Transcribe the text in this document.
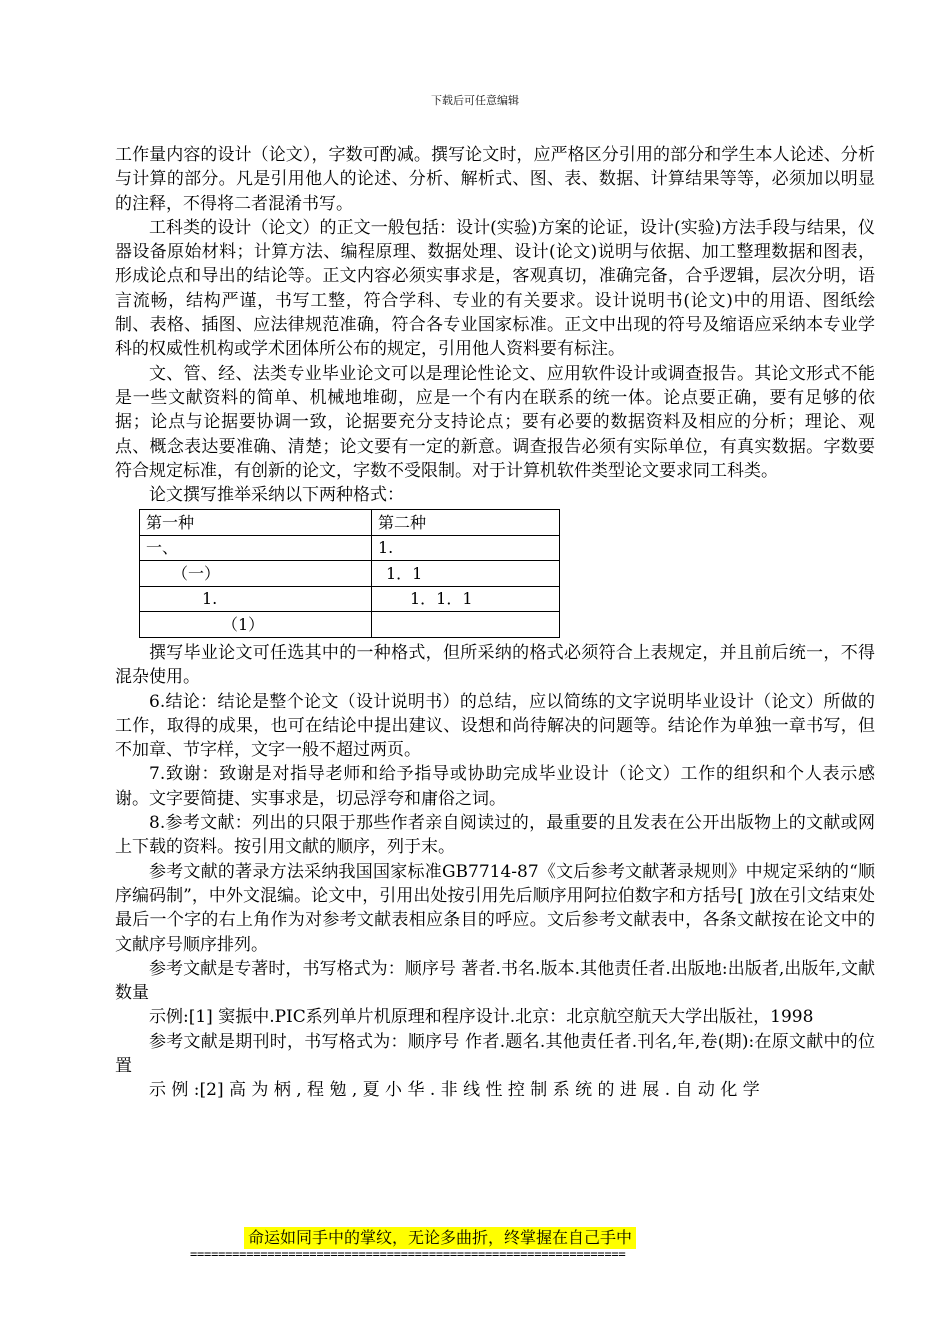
下载后可任意编辑

工作量内容的设计（论文），字数可酌减。撰写论文时，应严格区分引用的部分和学生本人论述、分析与计算的部分。凡是引用他人的论述、分析、解析式、图、表、数据、计算结果等等，必须加以明显的注释，不得将二者混淆书写。

工科类的设计（论文）的正文一般包括：设计(实验)方案的论证，设计(实验)方法手段与结果，仪器设备原始材料；计算方法、编程原理、数据处理、设计(论文)说明与依据、加工整理数据和图表，形成论点和导出的结论等。正文内容必须实事求是，客观真切，准确完备，合乎逻辑，层次分明，语言流畅，结构严谨，书写工整，符合学科、专业的有关要求。设计说明书(论文)中的用语、图纸绘制、表格、插图、应法律规范准确，符合各专业国家标准。正文中出现的符号及缩语应采纳本专业学科的权威性机构或学术团体所公布的规定，引用他人资料要有标注。

文、管、经、法类专业毕业论文可以是理论性论文、应用软件设计或调查报告。其论文形式不能是一些文献资料的简单、机械地堆砌，应是一个有内在联系的统一体。论点要正确，要有足够的依据；论点与论据要协调一致，论据要充分支持论点；要有必要的数据资料及相应的分析；理论、观点、概念表达要准确、清楚；论文要有一定的新意。调查报告必须有实际单位，有真实数据。字数要符合规定标准，有创新的论文，字数不受限制。对于计算机软件类型论文要求同工科类。

论文撰写推举采纳以下两种格式：

第一种	第二种
一、	1.
（一）	1．1
1.	1．1．1
（1）	

撰写毕业论文可任选其中的一种格式，但所采纳的格式必须符合上表规定，并且前后统一，不得混杂使用。

6.结论：结论是整个论文（设计说明书）的总结，应以简练的文字说明毕业设计（论文）所做的工作，取得的成果，也可在结论中提出建议、设想和尚待解决的问题等。结论作为单独一章书写，但不加章、节字样，文字一般不超过两页。

7.致谢：致谢是对指导老师和给予指导或协助完成毕业设计（论文）工作的组织和个人表示感谢。文字要简捷、实事求是，切忌浮夸和庸俗之词。

8.参考文献：列出的只限于那些作者亲自阅读过的，最重要的且发表在公开出版物上的文献或网上下载的资料。按引用文献的顺序，列于末。

参考文献的著录方法采纳我国国家标准GB7714-87《文后参考文献著录规则》中规定采纳的“顺序编码制”，中外文混编。论文中，引用出处按引用先后顺序用阿拉伯数字和方括号[ ]放在引文结束处最后一个字的右上角作为对参考文献表相应条目的呼应。文后参考文献表中，各条文献按在论文中的文献序号顺序排列。

参考文献是专著时，书写格式为：顺序号 著者.书名.版本.其他责任者.出版地:出版者,出版年,文献数量

示例:[1] 窦振中.PIC系列单片机原理和程序设计.北京：北京航空航天大学出版社，1998

参考文献是期刊时，书写格式为：顺序号 作者.题名.其他责任者.刊名,年,卷(期):在原文献中的位置

示 例 :[2] 高 为 柄 , 程 勉 , 夏 小 华 . 非 线 性 控 制 系 统 的 进 展 . 自 动 化 学

命运如同手中的掌纹，无论多曲折，终掌握在自己手中
==============================================================
